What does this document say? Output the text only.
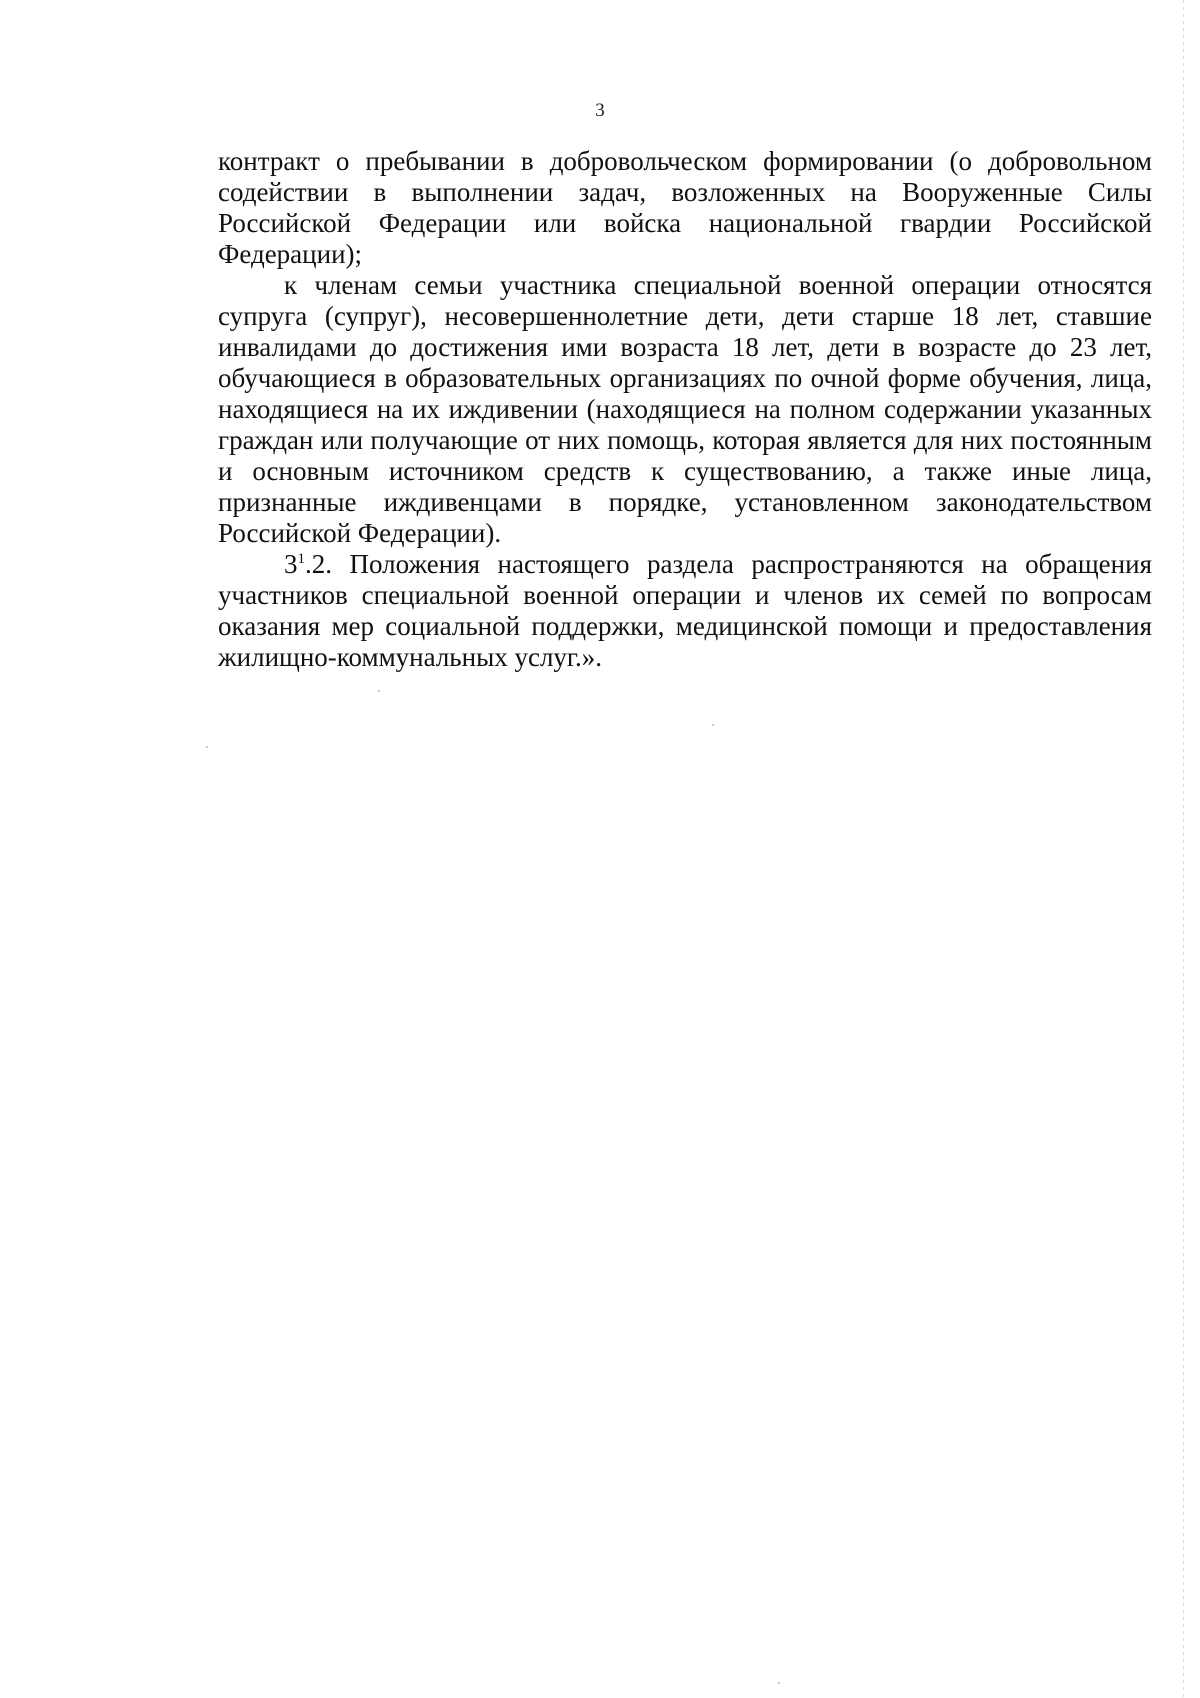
3

контракт о пребывании в добровольческом формировании (о добровольном содействии в выполнении задач, возложенных на Вооруженные Силы Российской Федерации или войска национальной гвардии Российской Федерации);

к членам семьи участника специальной военной операции относятся супруга (супруг), несовершеннолетние дети, дети старше 18 лет, ставшие инвалидами до достижения ими возраста 18 лет, дети в возрасте до 23 лет, обучающиеся в образовательных организациях по очной форме обучения, лица, находящиеся на их иждивении (находящиеся на полном содержании указанных граждан или получающие от них помощь, которая является для них постоянным и основным источником средств к существованию, а также иные лица, признанные иждивенцами в порядке, установленном законодательством Российской Федерации).

$3^1.2$. Положения настоящего раздела распространяются на обращения участников специальной военной операции и членов их семей по вопросам оказания мер социальной поддержки, медицинской помощи и предоставления жилищно-коммунальных услуг.».
